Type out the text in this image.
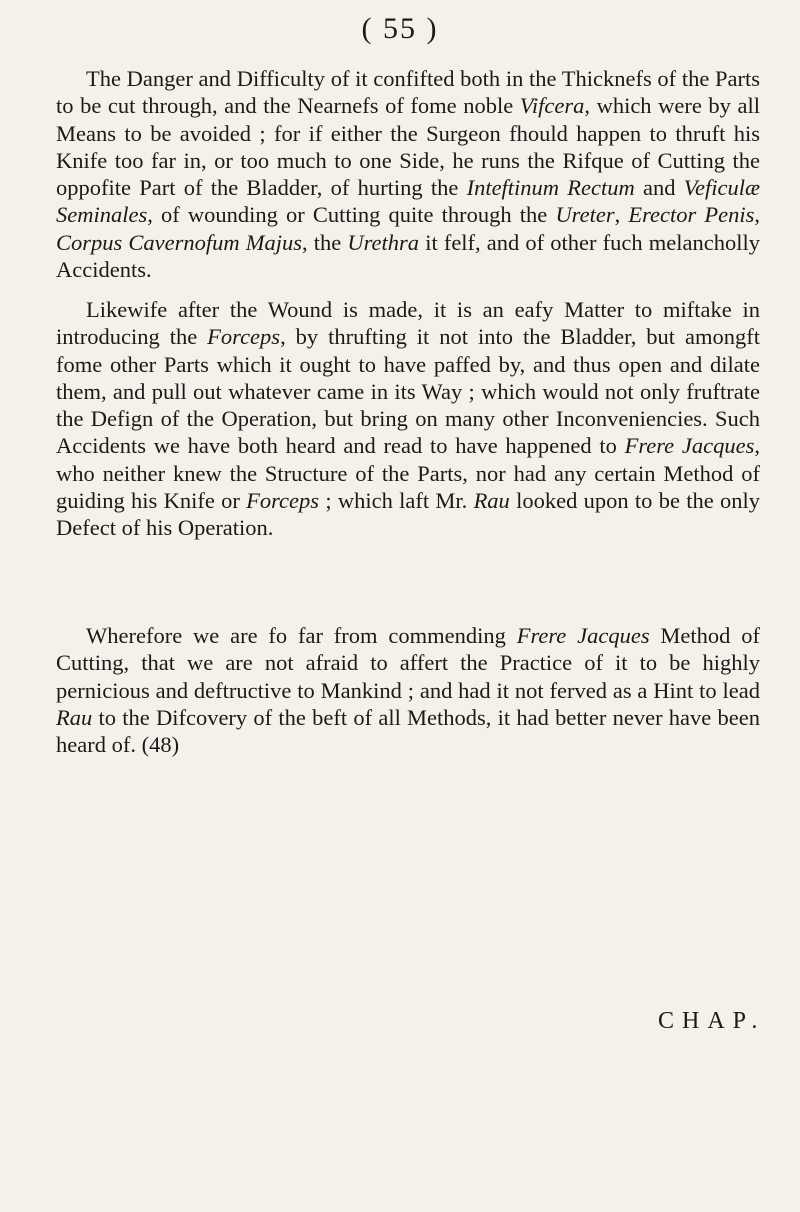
( 55 )

The Danger and Difficulty of it confifted both in the Thicknefs of the Parts to be cut through, and the Nearnefs of fome noble Vifcera, which were by all Means to be avoided ; for if either the Surgeon fhould happen to thruft his Knife too far in, or too much to one Side, he runs the Rifque of Cutting the oppofite Part of the Bladder, of hurting the Inteftinum Rectum and Veficulæ Seminales, of wounding or Cutting quite through the Ureter, Erector Penis, Corpus Cavernofum Majus, the Urethra it felf, and of other fuch melancholly Accidents.

Likewife after the Wound is made, it is an eafy Matter to miftake in introducing the Forceps, by thrufting it not into the Bladder, but amongft fome other Parts which it ought to have paffed by, and thus open and dilate them, and pull out whatever came in its Way ; which would not only fruftrate the Defign of the Operation, but bring on many other Inconveniencies. Such Accidents we have both heard and read to have happened to Frere Jacques, who neither knew the Structure of the Parts, nor had any certain Method of guiding his Knife or Forceps ; which laft Mr. Rau looked upon to be the only Defect of his Operation.

Wherefore we are fo far from commending Frere Jacques Method of Cutting, that we are not afraid to affert the Practice of it to be highly pernicious and deftructive to Mankind ; and had it not ferved as a Hint to lead Rau to the Difcovery of the beft of all Methods, it had better never have been heard of. (48)

CHAP.
